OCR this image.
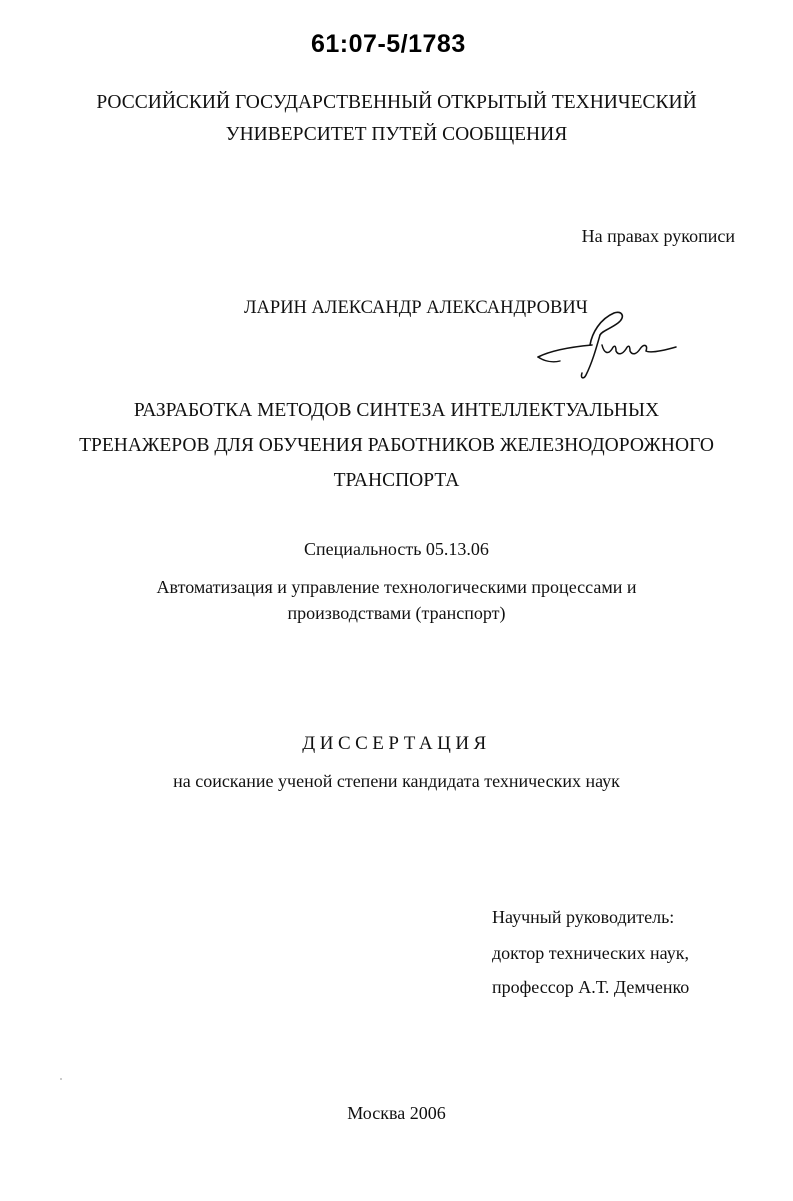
61:07-5/1783
РОССИЙСКИЙ ГОСУДАРСТВЕННЫЙ ОТКРЫТЫЙ ТЕХНИЧЕСКИЙ
УНИВЕРСИТЕТ ПУТЕЙ СООБЩЕНИЯ
На правах рукописи
ЛАРИН АЛЕКСАНДР АЛЕКСАНДРОВИЧ
РАЗРАБОТКА МЕТОДОВ СИНТЕЗА ИНТЕЛЛЕКТУАЛЬНЫХ
ТРЕНАЖЕРОВ ДЛЯ ОБУЧЕНИЯ РАБОТНИКОВ ЖЕЛЕЗНОДОРОЖНОГО
ТРАНСПОРТА
Специальность 05.13.06
Автоматизация и управление технологическими процессами и
производствами (транспорт)
ДИССЕРТАЦИЯ
на соискание ученой степени кандидата технических наук
Научный руководитель:
доктор технических наук,
профессор А.Т. Демченко
Москва 2006
